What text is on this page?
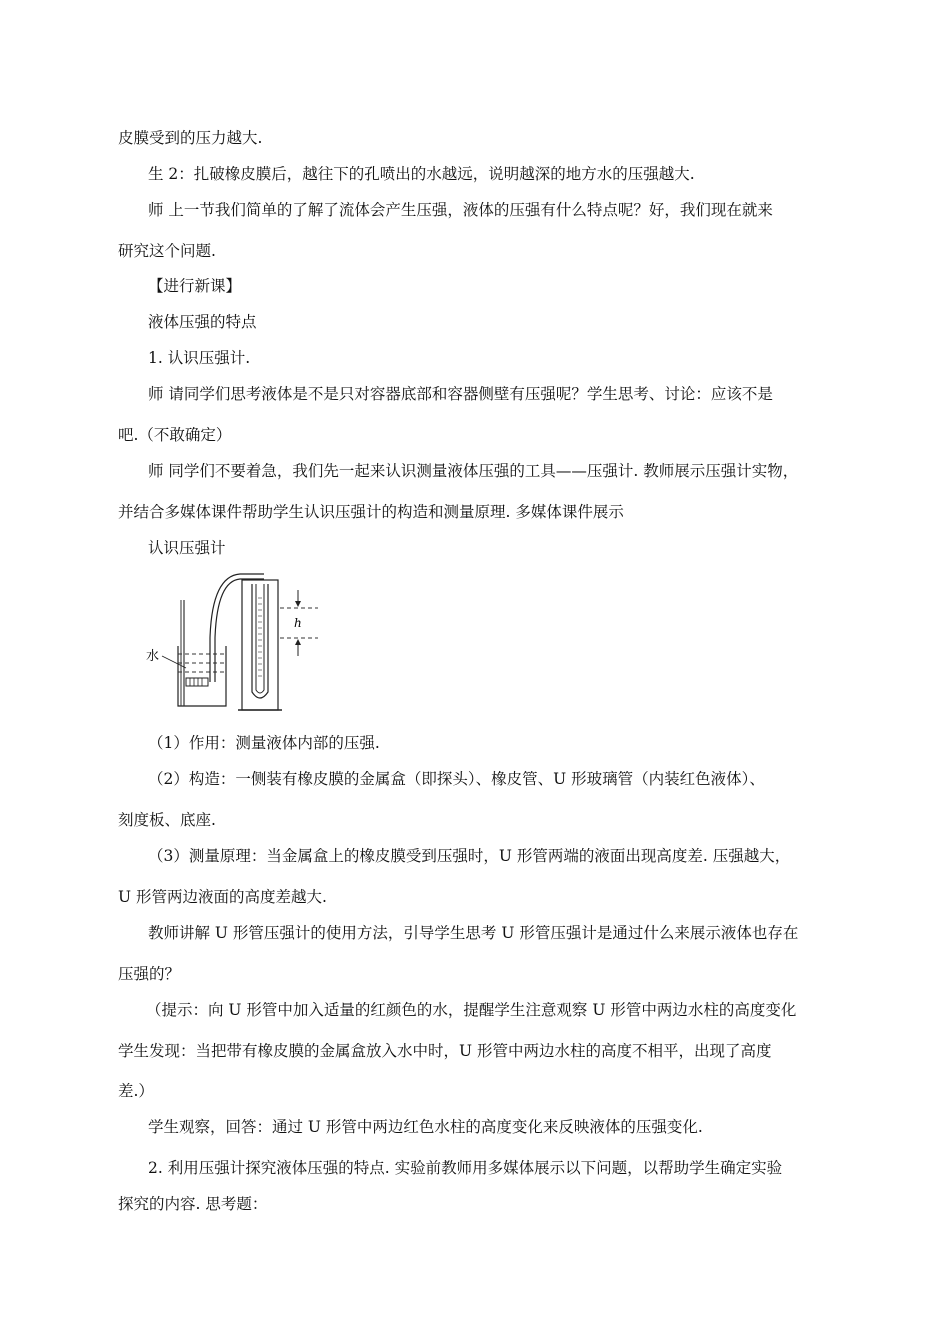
皮膜受到的压力越大.
生 2：扎破橡皮膜后，越往下的孔喷出的水越远，说明越深的地方水的压强越大.
师 上一节我们简单的了解了流体会产生压强，液体的压强有什么特点呢？好，我们现在就来
研究这个问题.
【进行新课】
液体压强的特点
1. 认识压强计.
师 请同学们思考液体是不是只对容器底部和容器侧壁有压强呢？学生思考、讨论：应该不是
吧.（不敢确定）
师 同学们不要着急，我们先一起来认识测量液体压强的工具——压强计. 教师展示压强计实物，
并结合多媒体课件帮助学生认识压强计的构造和测量原理. 多媒体课件展示
认识压强计
水
h
（1）作用：测量液体内部的压强.
（2）构造：一侧装有橡皮膜的金属盒（即探头）、橡皮管、U 形玻璃管（内装红色液体）、
刻度板、底座.
（3）测量原理：当金属盒上的橡皮膜受到压强时，U 形管两端的液面出现高度差. 压强越大，
U 形管两边液面的高度差越大.
教师讲解 U 形管压强计的使用方法，引导学生思考 U 形管压强计是通过什么来展示液体也存在
压强的？
（提示：向 U 形管中加入适量的红颜色的水，提醒学生注意观察 U 形管中两边水柱的高度变化
学生发现：当把带有橡皮膜的金属盒放入水中时，U 形管中两边水柱的高度不相平，出现了高度
差.）
学生观察，回答：通过 U 形管中两边红色水柱的高度变化来反映液体的压强变化.
2. 利用压强计探究液体压强的特点. 实验前教师用多媒体展示以下问题，以帮助学生确定实验
探究的内容. 思考题：
